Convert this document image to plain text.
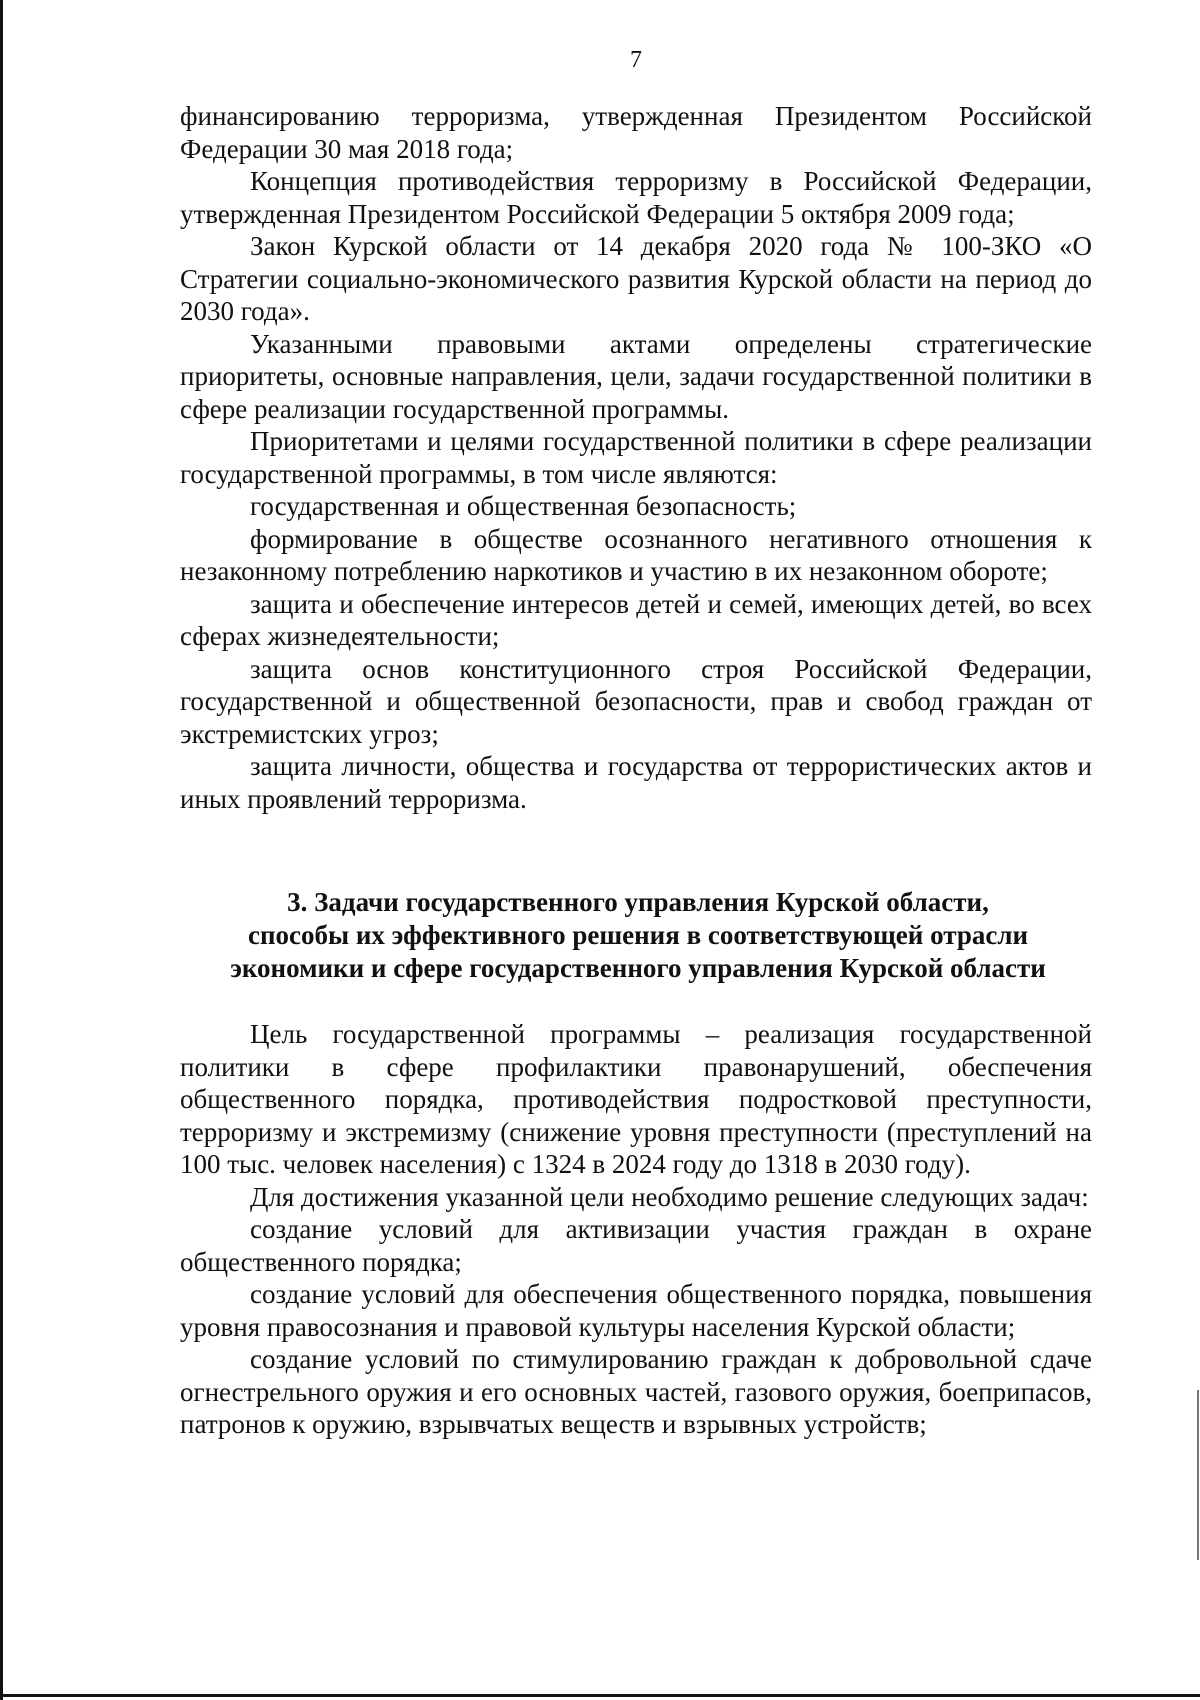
7

финансированию терроризма, утвержденная Президентом Российской Федерации 30 мая 2018 года;

Концепция противодействия терроризму в Российской Федерации, утвержденная Президентом Российской Федерации 5 октября 2009 года;

Закон Курской области от 14 декабря 2020 года № 100-ЗКО «О Стратегии социально-экономического развития Курской области на период до 2030 года».

Указанными правовыми актами определены стратегические приоритеты, основные направления, цели, задачи государственной политики в сфере реализации государственной программы.

Приоритетами и целями государственной политики в сфере реализации государственной программы, в том числе являются:

государственная и общественная безопасность;

формирование в обществе осознанного негативного отношения к незаконному потреблению наркотиков и участию в их незаконном обороте;

защита и обеспечение интересов детей и семей, имеющих детей, во всех сферах жизнедеятельности;

защита основ конституционного строя Российской Федерации, государственной и общественной безопасности, прав и свобод граждан от экстремистских угроз;

защита личности, общества и государства от террористических актов и иных проявлений терроризма.

3. Задачи государственного управления Курской области,
способы их эффективного решения в соответствующей отрасли
экономики и сфере государственного управления Курской области

Цель государственной программы – реализация государственной политики в сфере профилактики правонарушений, обеспечения общественного порядка, противодействия подростковой преступности, терроризму и экстремизму (снижение уровня преступности (преступлений на 100 тыс. человек населения) с 1324 в 2024 году до 1318 в 2030 году).

Для достижения указанной цели необходимо решение следующих задач:

создание условий для активизации участия граждан в охране общественного порядка;

создание условий для обеспечения общественного порядка, повышения уровня правосознания и правовой культуры населения Курской области;

создание условий по стимулированию граждан к добровольной сдаче огнестрельного оружия и его основных частей, газового оружия, боеприпасов, патронов к оружию, взрывчатых веществ и взрывных устройств;
